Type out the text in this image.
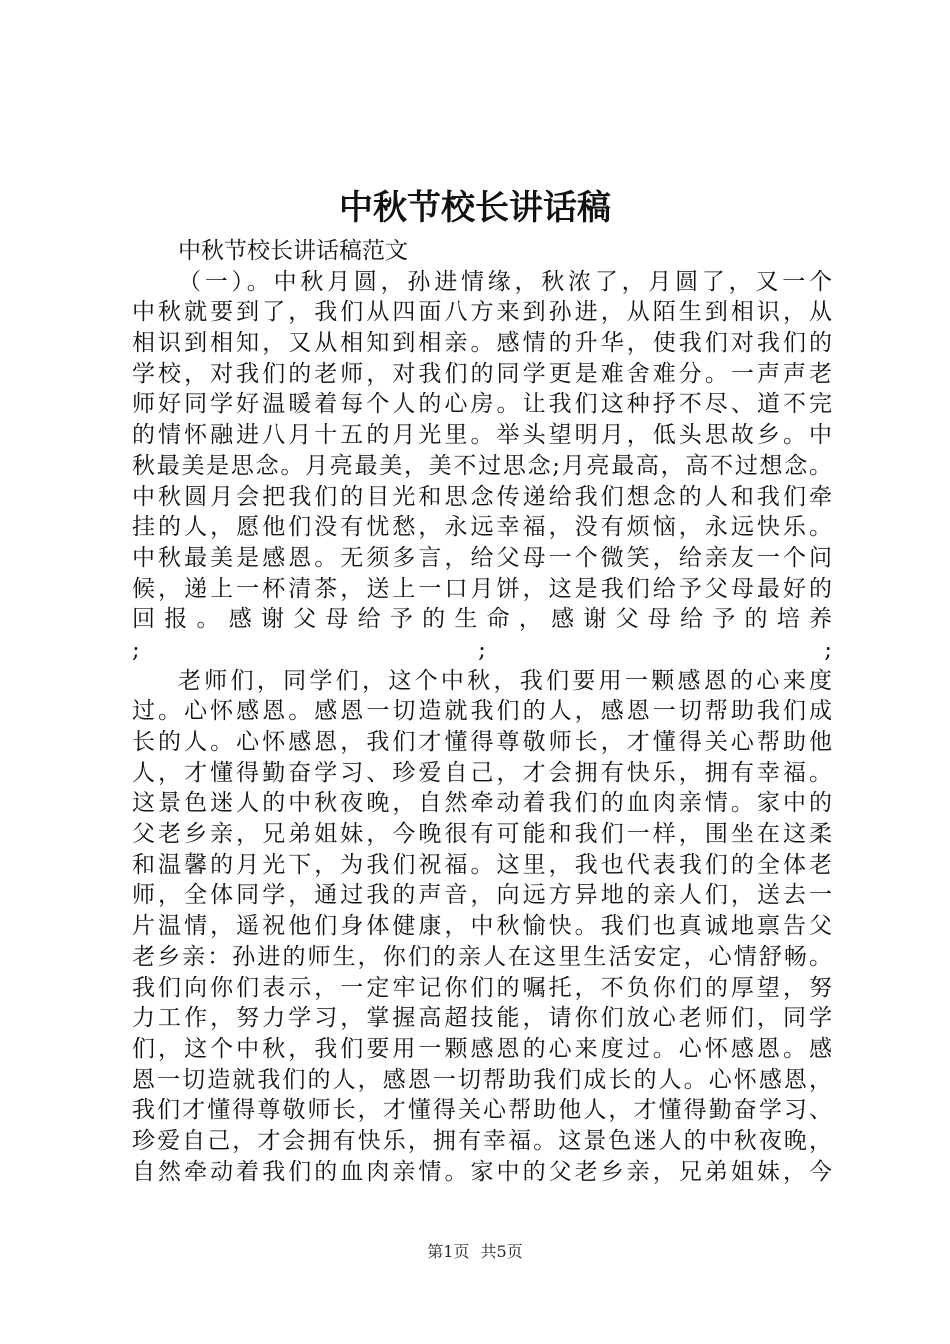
中秋节校长讲话稿
中秋节校长讲话稿范文
（一）。中秋月圆，孙进情缘，秋浓了，月圆了，又一个
中秋就要到了，我们从四面八方来到孙进，从陌生到相识，从
相识到相知，又从相知到相亲。感情的升华，使我们对我们的
学校，对我们的老师，对我们的同学更是难舍难分。一声声老
师好同学好温暖着每个人的心房。让我们这种抒不尽、道不完
的情怀融进八月十五的月光里。举头望明月，低头思故乡。中
秋最美是思念。月亮最美，美不过思念;月亮最高，高不过想念。
中秋圆月会把我们的目光和思念传递给我们想念的人和我们牵
挂的人，愿他们没有忧愁，永远幸福，没有烦恼，永远快乐。
中秋最美是感恩。无须多言，给父母一个微笑，给亲友一个问
候，递上一杯清茶，送上一口月饼，这是我们给予父母最好的
回报。感谢父母给予的生命，感谢父母给予的培养
; ; ;
老师们，同学们，这个中秋，我们要用一颗感恩的心来度
过。心怀感恩。感恩一切造就我们的人，感恩一切帮助我们成
长的人。心怀感恩，我们才懂得尊敬师长，才懂得关心帮助他
人，才懂得勤奋学习、珍爱自己，才会拥有快乐，拥有幸福。
这景色迷人的中秋夜晚，自然牵动着我们的血肉亲情。家中的
父老乡亲，兄弟姐妹，今晚很有可能和我们一样，围坐在这柔
和温馨的月光下，为我们祝福。这里，我也代表我们的全体老
师，全体同学，通过我的声音，向远方异地的亲人们，送去一
片温情，遥祝他们身体健康，中秋愉快。我们也真诚地禀告父
老乡亲：孙进的师生，你们的亲人在这里生活安定，心情舒畅。
我们向你们表示，一定牢记你们的嘱托，不负你们的厚望，努
力工作，努力学习，掌握高超技能，请你们放心老师们，同学
们，这个中秋，我们要用一颗感恩的心来度过。心怀感恩。感
恩一切造就我们的人，感恩一切帮助我们成长的人。心怀感恩，
我们才懂得尊敬师长，才懂得关心帮助他人，才懂得勤奋学习、
珍爱自己，才会拥有快乐，拥有幸福。这景色迷人的中秋夜晚，
自然牵动着我们的血肉亲情。家中的父老乡亲，兄弟姐妹，今
第1页 共5页
